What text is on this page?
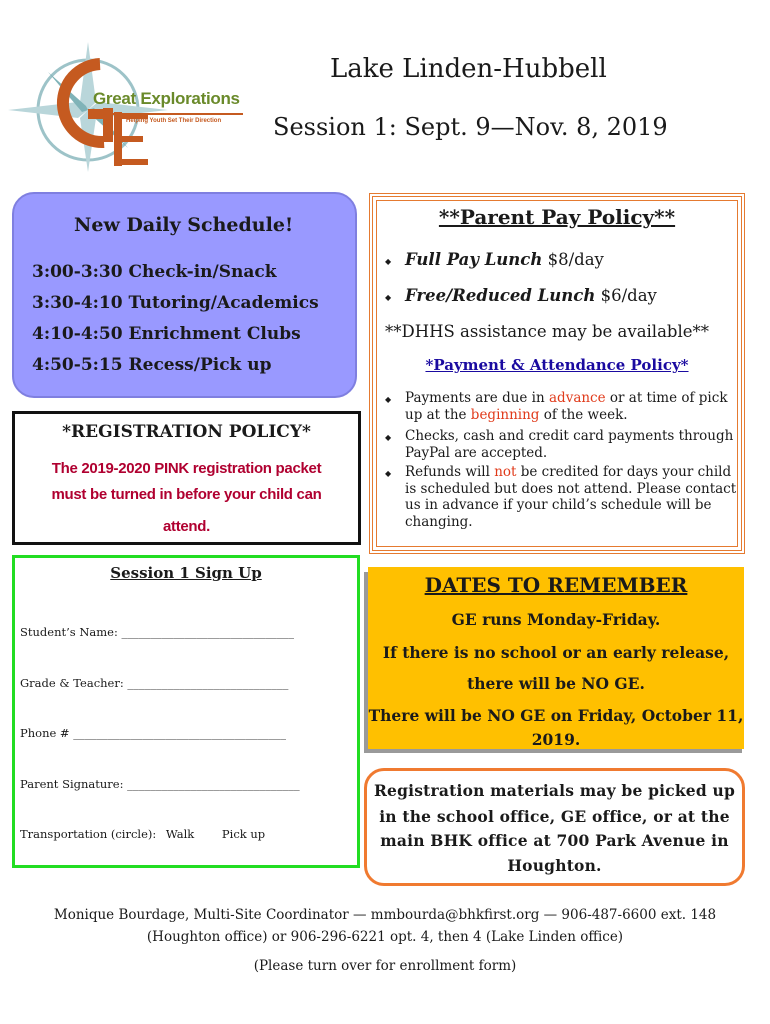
Great Explorations
Helping Youth Set Their Direction
Lake Linden-Hubbell
Session 1: Sept. 9—Nov. 8, 2019
New Daily Schedule!
3:00-3:30 Check-in/Snack
3:30-4:10 Tutoring/Academics
4:10-4:50 Enrichment Clubs
4:50-5:15 Recess/Pick up
*REGISTRATION POLICY*
The 2019-2020 PINK registration packet
must be turned in before your child can
attend.
**Parent Pay Policy**
◆ Full Pay Lunch $8/day
◆ Free/Reduced Lunch $6/day
**DHHS assistance may be available**
*Payment & Attendance Policy*
◆ Payments are due in advance or at time of pick up at the beginning of the week.
◆ Checks, cash and credit card payments through PayPal are accepted.
◆ Refunds will not be credited for days your child is scheduled but does not attend. Please contact us in advance if your child’s schedule will be changing.
Session 1 Sign Up
Student’s Name: ______________________________
Grade & Teacher: ____________________________
Phone # _____________________________________
Parent Signature: ______________________________
Transportation (circle): Walk Pick up
DATES TO REMEMBER
GE runs Monday-Friday.
If there is no school or an early release,
there will be NO GE.
There will be NO GE on Friday, October 11,
2019.
Registration materials may be picked up
in the school office, GE office, or at the
main BHK office at 700 Park Avenue in
Houghton.
Monique Bourdage, Multi-Site Coordinator — mmbourda@bhkfirst.org — 906-487-6600 ext. 148
(Houghton office) or 906-296-6221 opt. 4, then 4 (Lake Linden office)
(Please turn over for enrollment form)
